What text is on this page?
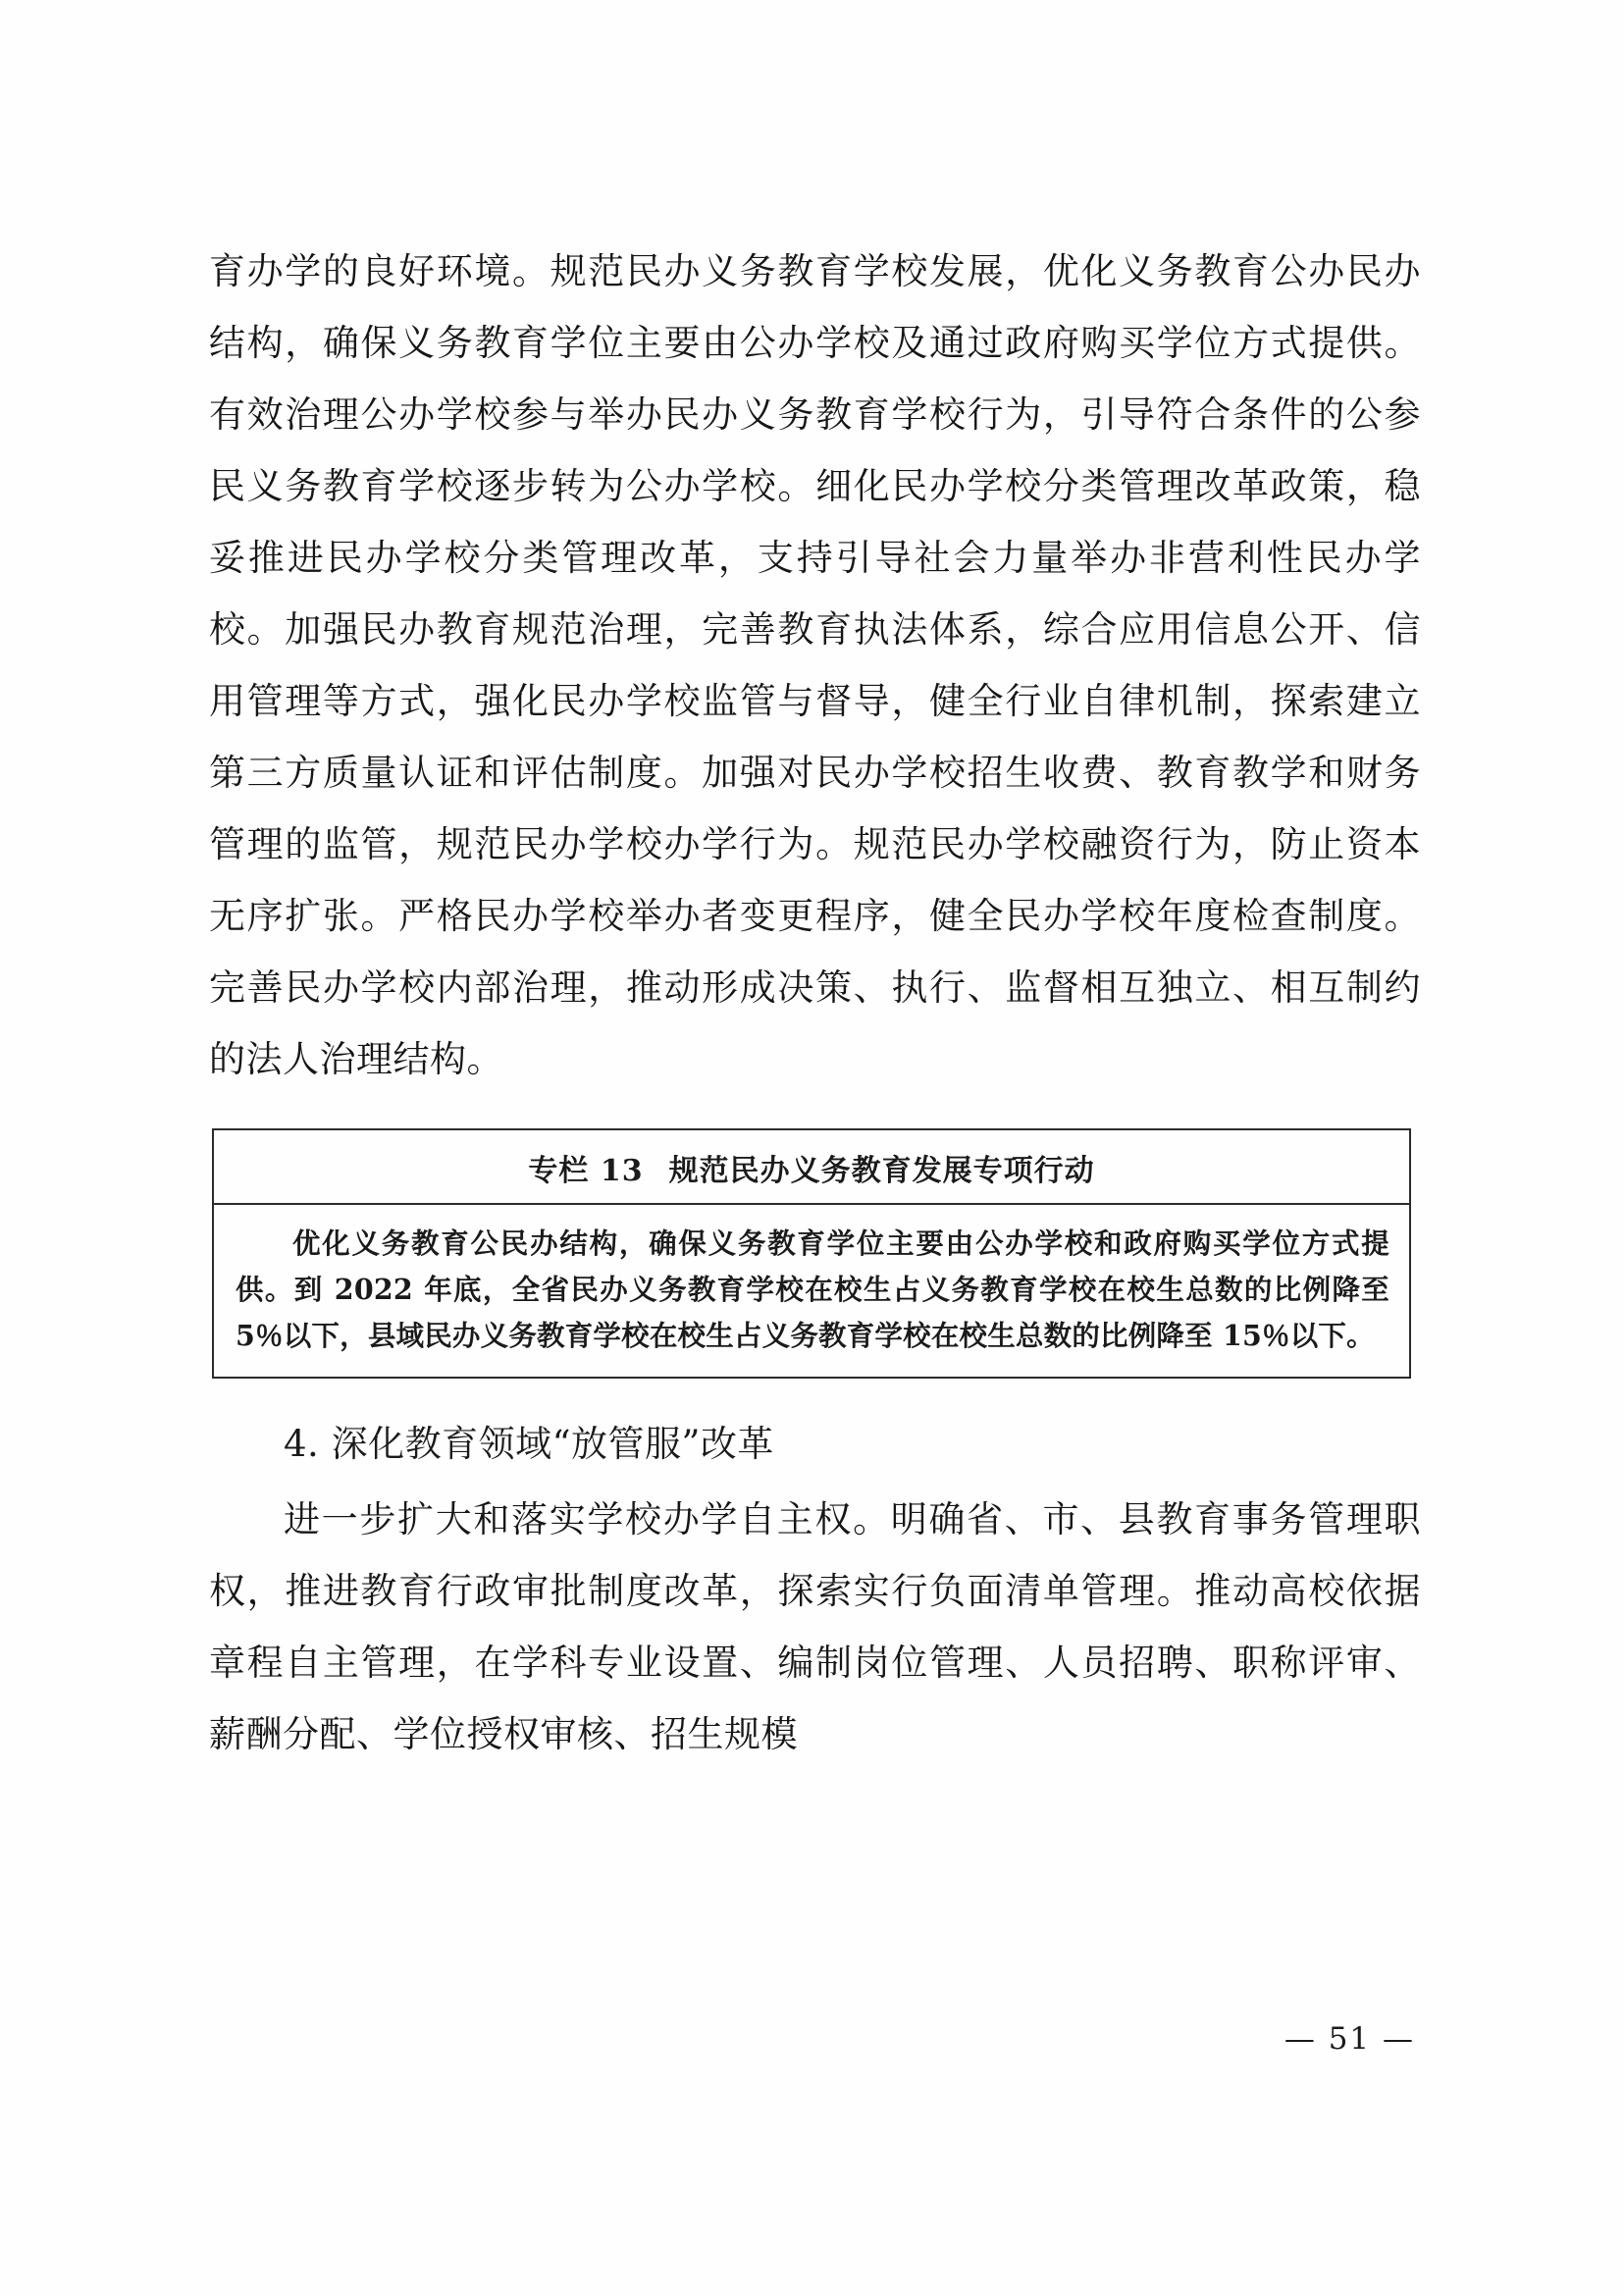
育办学的良好环境。规范民办义务教育学校发展，优化义务教育公办民办结构，确保义务教育学位主要由公办学校及通过政府购买学位方式提供。有效治理公办学校参与举办民办义务教育学校行为，引导符合条件的公参民义务教育学校逐步转为公办学校。细化民办学校分类管理改革政策，稳妥推进民办学校分类管理改革，支持引导社会力量举办非营利性民办学校。加强民办教育规范治理，完善教育执法体系，综合应用信息公开、信用管理等方式，强化民办学校监管与督导，健全行业自律机制，探索建立第三方质量认证和评估制度。加强对民办学校招生收费、教育教学和财务管理的监管，规范民办学校办学行为。规范民办学校融资行为，防止资本无序扩张。严格民办学校举办者变更程序，健全民办学校年度检查制度。完善民办学校内部治理，推动形成决策、执行、监督相互独立、相互制约的法人治理结构。

专栏 13 规范民办义务教育发展专项行动
优化义务教育公民办结构，确保义务教育学位主要由公办学校和政府购买学位方式提供。到 2022 年底，全省民办义务教育学校在校生占义务教育学校在校生总数的比例降至 5％以下，县域民办义务教育学校在校生占义务教育学校在校生总数的比例降至 15％以下。
4. 深化教育领域“放管服”改革

进一步扩大和落实学校办学自主权。明确省、市、县教育事务管理职权，推进教育行政审批制度改革，探索实行负面清单管理。推动高校依据章程自主管理，在学科专业设置、编制岗位管理、人员招聘、职称评审、薪酬分配、学位授权审核、招生规模

— 51 —
